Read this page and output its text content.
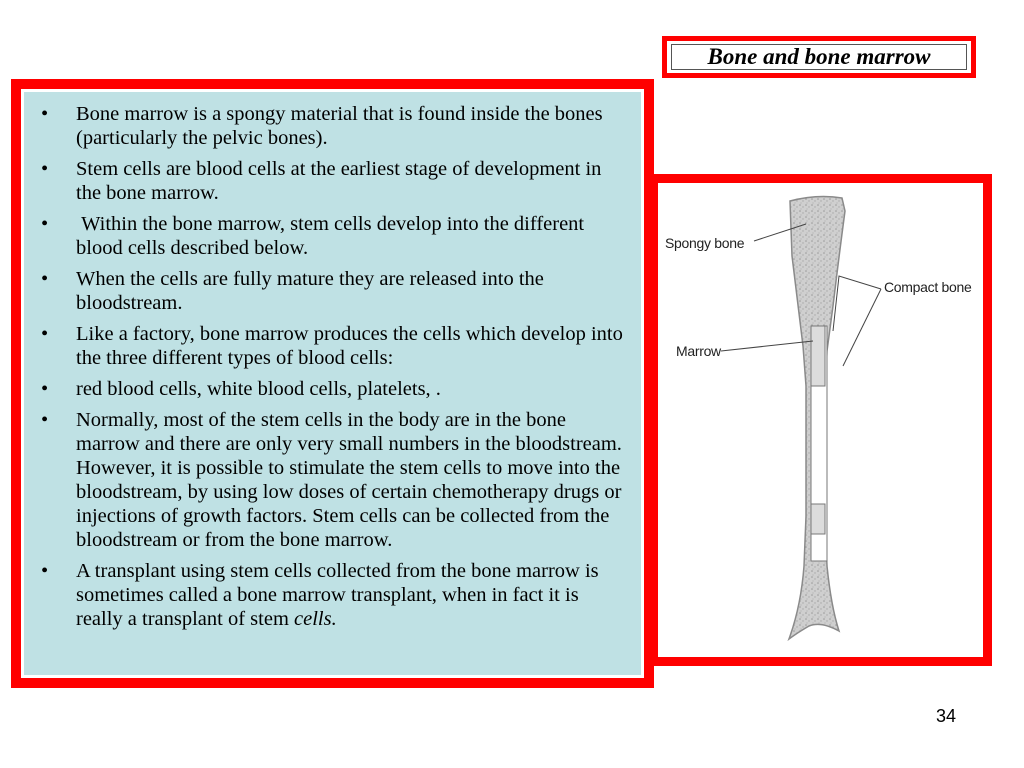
Bone and bone marrow
• Bone marrow is a spongy material that is found inside the bones (particularly the pelvic bones).
• Stem cells are blood cells at the earliest stage of development in the bone marrow.
• Within the bone marrow, stem cells develop into the different blood cells described below.
• When the cells are fully mature they are released into the bloodstream.
• Like a factory, bone marrow produces the cells which develop into the three different types of blood cells:
• red blood cells, white blood cells, platelets, .
• Normally, most of the stem cells in the body are in the bone marrow and there are only very small numbers in the bloodstream. However, it is possible to stimulate the stem cells to move into the bloodstream, by using low doses of certain chemotherapy drugs or injections of growth factors. Stem cells can be collected from the bloodstream or from the bone marrow.
• A transplant using stem cells collected from the bone marrow is sometimes called a bone marrow transplant, when in fact it is really a transplant of stem cells.
Spongy bone
Compact bone
Marrow
34
